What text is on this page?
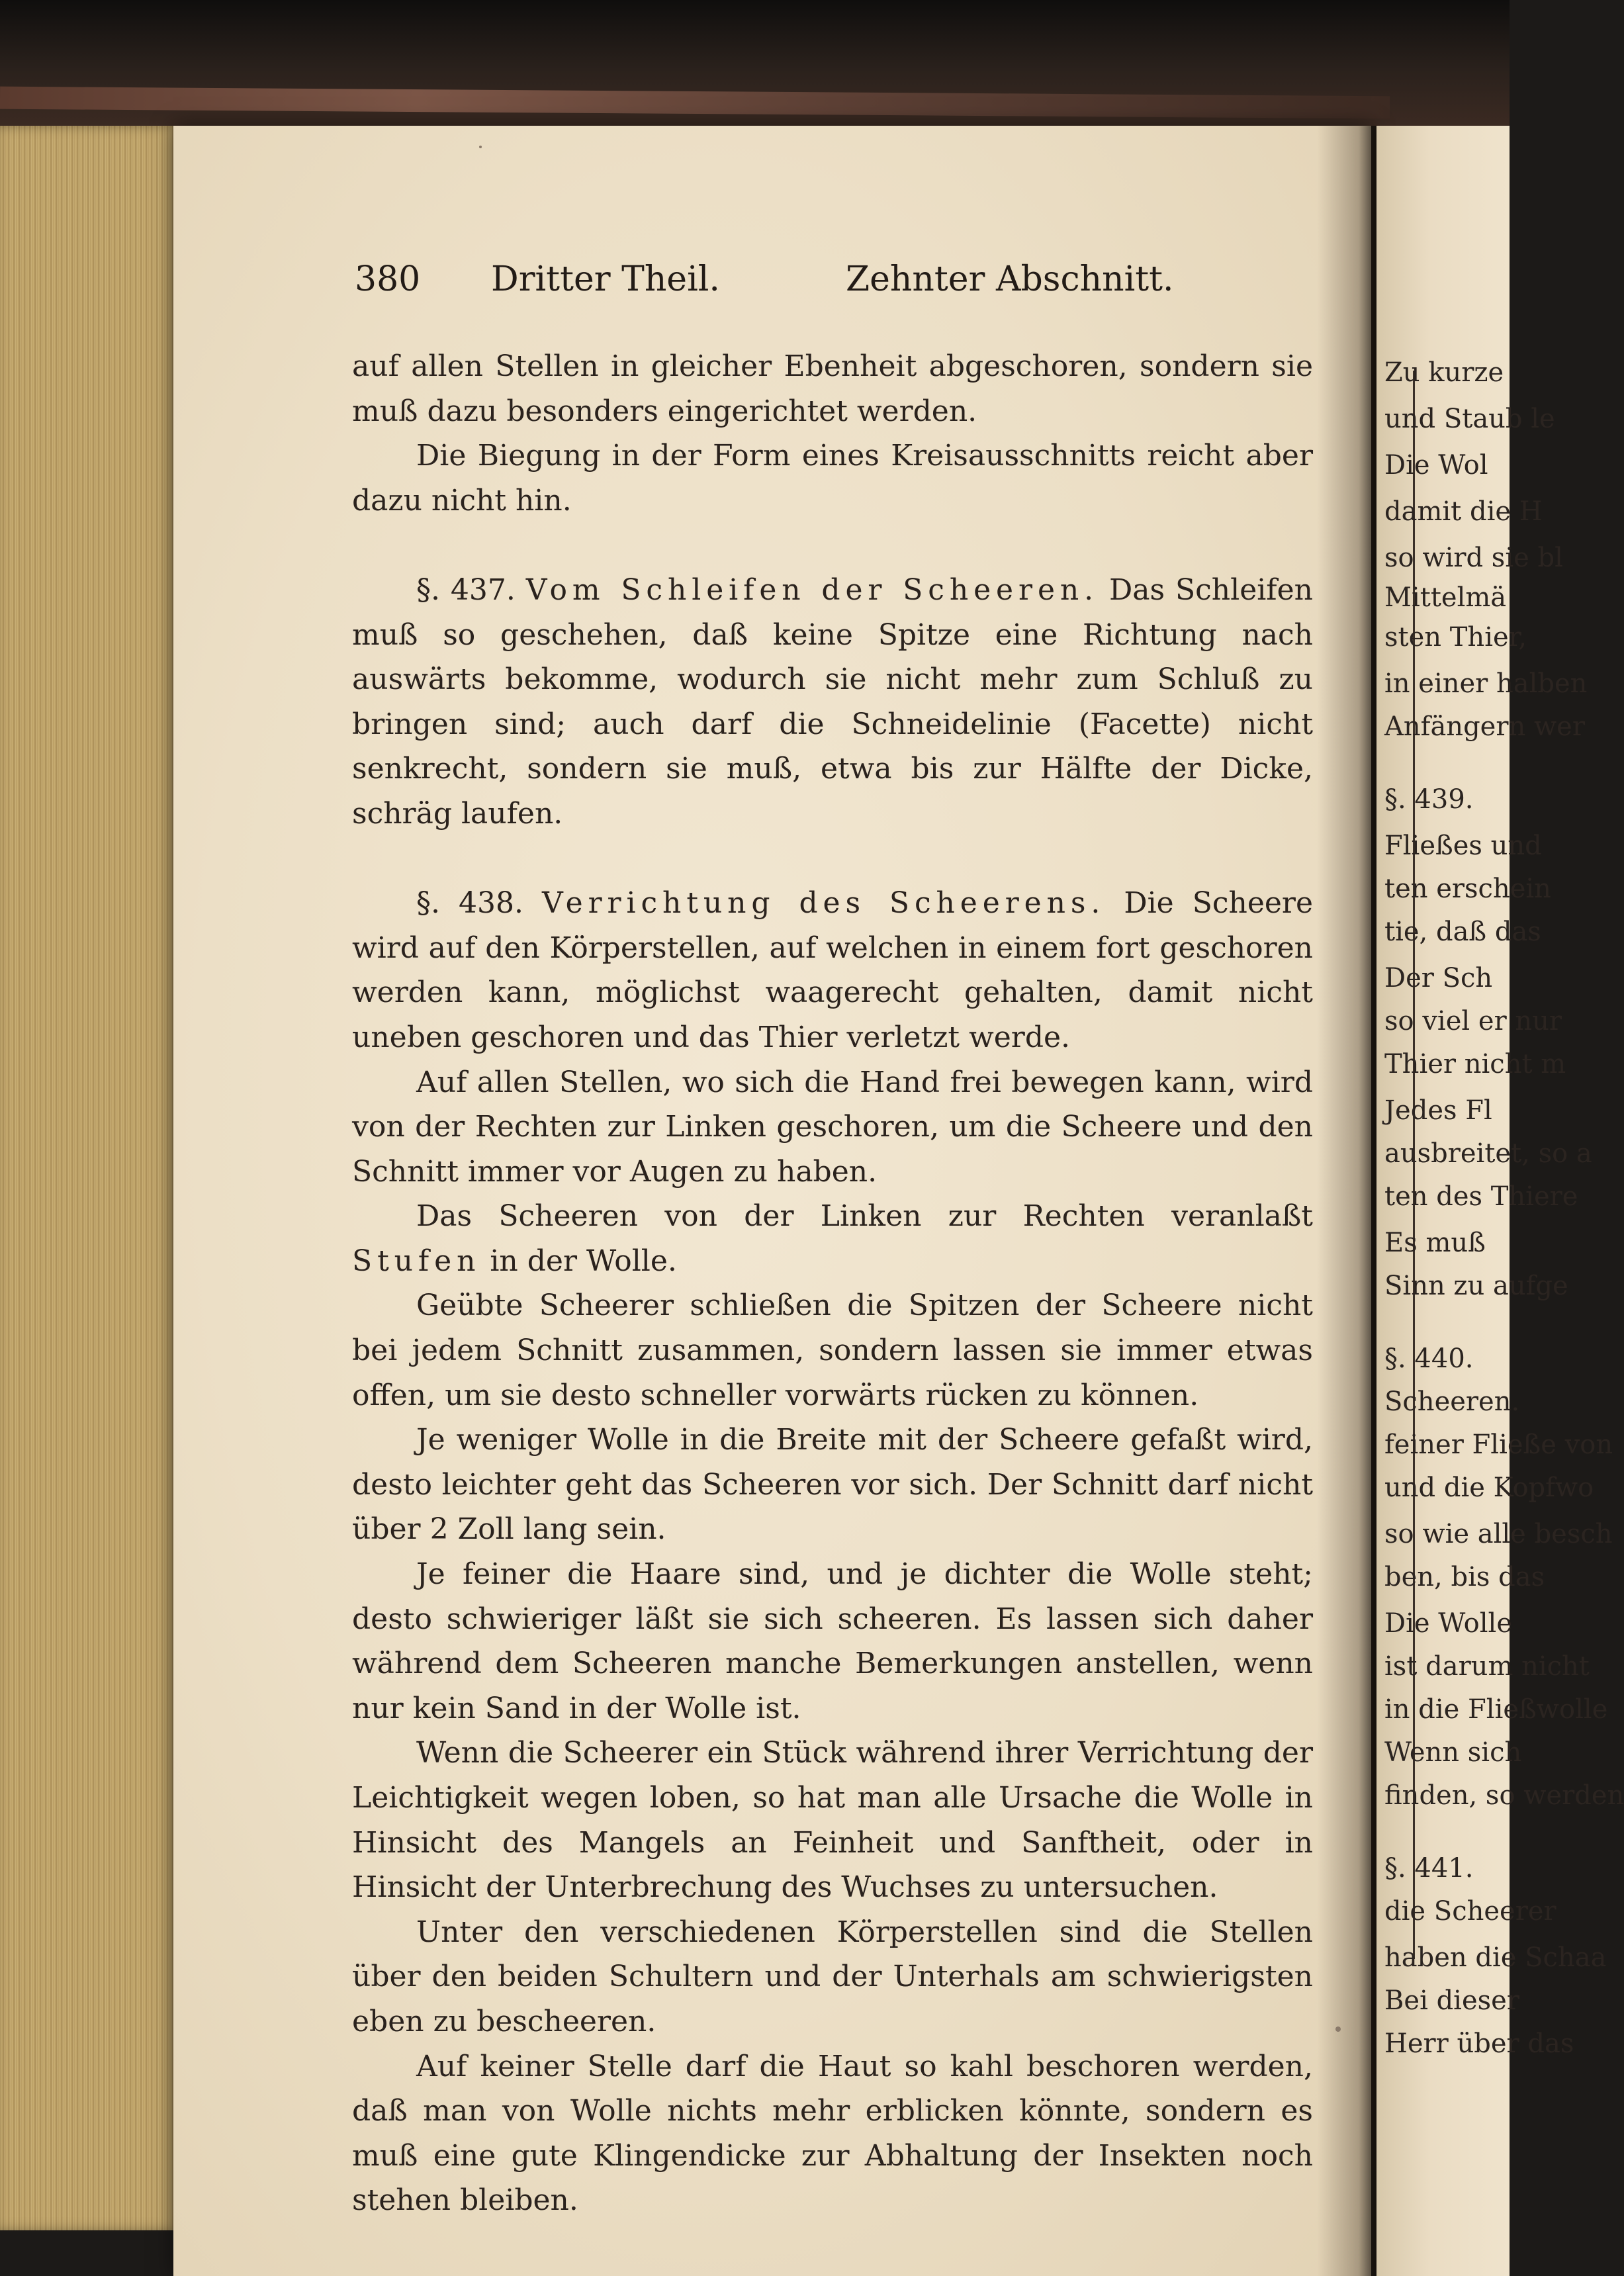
380 Dritter Theil.	Zehnter Abschnitt.

auf allen Stellen in gleicher Ebenheit abgeschoren, sondern sie muß dazu besonders eingerichtet werden.

Die Biegung in der Form eines Kreisausschnitts reicht aber dazu nicht hin.

§. 437. Vom Schleifen der Scheeren. Das Schleifen muß so geschehen, daß keine Spitze eine Richtung nach auswärts bekomme, wodurch sie nicht mehr zum Schluß zu bringen sind; auch darf die Schneidelinie (Facette) nicht senkrecht, sondern sie muß, etwa bis zur Hälfte der Dicke, schräg laufen.

§. 438. Verrichtung des Scheerens. Die Scheere wird auf den Körperstellen, auf welchen in einem fort geschoren werden kann, möglichst waagerecht gehalten, damit nicht uneben geschoren und das Thier verletzt werde.

Auf allen Stellen, wo sich die Hand frei bewegen kann, wird von der Rechten zur Linken geschoren, um die Scheere und den Schnitt immer vor Augen zu haben.

Das Scheeren von der Linken zur Rechten veranlaßt Stufen in der Wolle.

Geübte Scheerer schließen die Spitzen der Scheere nicht bei jedem Schnitt zusammen, sondern lassen sie immer etwas offen, um sie desto schneller vorwärts rücken zu können.

Je weniger Wolle in die Breite mit der Scheere gefaßt wird, desto leichter geht das Scheeren vor sich. Der Schnitt darf nicht über 2 Zoll lang sein.

Je feiner die Haare sind, und je dichter die Wolle steht; desto schwieriger läßt sie sich scheeren. Es lassen sich daher während dem Scheeren manche Bemerkungen anstellen, wenn nur kein Sand in der Wolle ist.

Wenn die Scheerer ein Stück während ihrer Verrichtung der Leichtigkeit wegen loben, so hat man alle Ursache die Wolle in Hinsicht des Mangels an Feinheit und Sanftheit, oder in Hinsicht der Unterbrechung des Wuchses zu untersuchen.

Unter den verschiedenen Körperstellen sind die Stellen über den beiden Schultern und der Unterhals am schwierigsten eben zu bescheeren.

Auf keiner Stelle darf die Haut so kahl beschoren werden, daß man von Wolle nichts mehr erblicken könnte, sondern es muß eine gute Klingendicke zur Abhaltung der Insekten noch stehen bleiben.

Zu kurze
und Staub le
Die Wol
damit die H
so wird sie bl
Mittelmä
sten Thier,
in einer halben
Anfängern wer
§. 439.
Fließes und
ten erschein
tie, daß das
Der Sch
so viel er nur
Thier nicht m
Jedes Fl
ausbreitet, so a
ten des Thiere
Es muß
Sinn zu aufge
§. 440.
Scheeren.
feiner Fließe von
und die Kopfwo
so wie alle besch
ben, bis das
Die Wolle
ist darum nicht
in die Fließwolle
Wenn sich
finden, so werden
§. 441.
die Scheerer
haben die Schaa
Bei dieser
Herr über das
